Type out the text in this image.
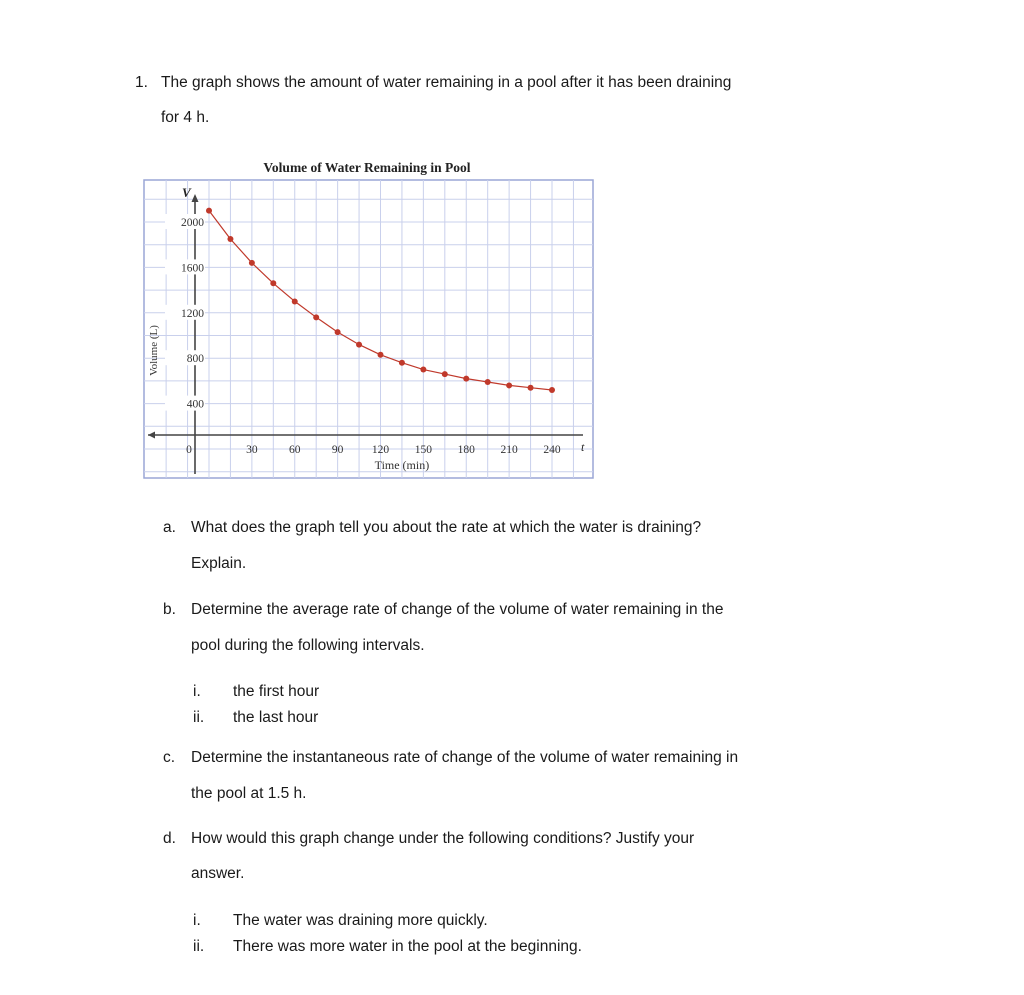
1. The graph shows the amount of water remaining in a pool after it has been draining
for 4 h.
Volume of Water Remaining in Pool
400
800
1200
1600
2000
0	30	60	90 120 150 180 210 240
V
t
Time (min)
Volume (L)
a. What does the graph tell you about the rate at which the water is draining?
Explain.
b. Determine the average rate of change of the volume of water remaining in the
pool during the following intervals.
i. the first hour
ii. the last hour
c. Determine the instantaneous rate of change of the volume of water remaining in
the pool at 1.5 h.
d. How would this graph change under the following conditions? Justify your
answer.
i. The water was draining more quickly.
ii. There was more water in the pool at the beginning.
